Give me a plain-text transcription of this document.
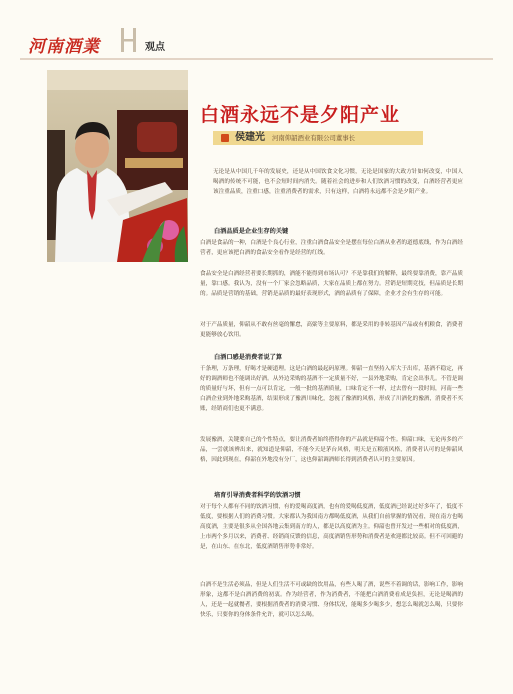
河南酒業	观点
白酒永远不是夕阳产业
侯建光 河南仰韶酒业有限公司董事长
无论是从中国几千年的发展史，还是从中国饮食文化习惯，无论是国家的大政方针如何改变，中国人喝酒的传统不可能，也不会短时间内消失。随着社会的进步和人们饮酒习惯的改变，白酒经营者更应该注重品质，注重口感，注重消费者的需求，只有这样，白酒将永远都不会是夕阳产业。
白酒品质是企业生存的关键
白酒是食品的一种，白酒是个良心行业，注重白酒食品安全是摆在每位白酒从业者的道德底线，作为白酒经营者，更应该把白酒的食品安全看作是经营的红线。
食品安全是白酒经营者要长期抓的，酒能不能得到市场认可？不是靠我们的解释，最终要靠消费，靠产品质量，靠口感。我认为，没有一个厂家会忽略品质，大家在品质上都在努力。营销是短期竞技，但品质是长期的。品质是营销的基础，营销是品质的最好表现形式，酒的品质有了保障，企业才会有生存的可能。
对于产品质量，仰韶从不敢有丝毫的懈怠，高粱等主要原料，都是采用的非转基因产品或有机粮食，消费者更能够放心饮用。
白酒口感是消费者说了算
千条理，万条理，好喝才是硬道理。这是白酒的最起码原理。仰韶一直坚持入库大于出库，基酒不稳定，再好的调酒师也不能调出好酒。从外边采购的基酒不一定质量不好，一县外地采购，肯定会出事儿。不管是调的质量好与坏，但有一点可以肯定，一般一批的基酒质量，口味肯定不一样，过去曾有一段时间，河南一些白酒企业到外地采购基酒，结果形成了豫酒川味化，忽视了豫酒的风格，形成了川酒化的豫酒，消费者不买账，经销商们也更不满意。
发展豫酒，关键要自己的个性特点，要让消费者始终搭得你的产品就是仰韶个性。仰韶口味，无论再多的产品，一尝就该辨出来，就知道是仰韶，不能今天是茅台风格，明天是五粮液风格，消费者认可的是仰韶风格，因此到现在，仰韶在外地没有分厂，这也仰韶调酒师长得到消费者认可的主要原因。
培育引导消费者科学的饮酒习惯
对于每个人都有不同的饮酒习惯，有的爱喝高度酒，也有的爱喝低度酒，低度酒已经说过好多年了，低度不低度，要根据人们的消费习惯。大家都认为我国南方都喝低度酒，从我们自前掌握的情况看，现在南方也喝高度酒，主要是很多从全国各地云集到南方的人，都是以高度酒为主。仰韶也曾开发过一些相对的低度酒，上市两个多月以来，消费者、经销商反馈的信息，高度酒销售形势和消费者是欢迎都比较高。但不可回避的是，在山东、在东北，低度酒销售形势非常好。
白酒不是生活必须品，但是人们生活不可或缺的饮用品，有些人喝了酒，说些不着调的话，影响工作，影响形象，这都不是白酒消费的初衷。作为经营者，作为消费者，不能把白酒消费看成是负担，无论是喝酒的人，还是一起就餐者，要根据消费者的消费习惯、身体状况，能喝多少喝多少，想怎么喝就怎么喝，只要你快乐，只要你的身体条件允许，就可以怎么喝。
